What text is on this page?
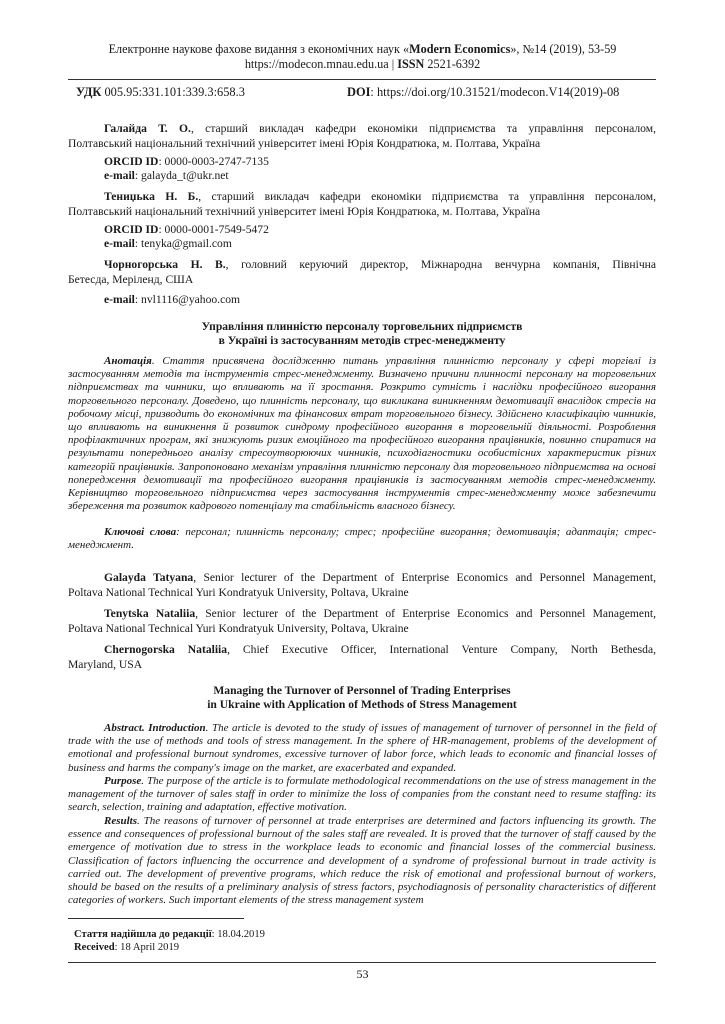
Електронне наукове фахове видання з економічних наук «Modern Economics», №14 (2019), 53-59
https://modecon.mnau.edu.ua | ISSN 2521-6392
УДК 005.95:331.101:339.3:658.3	DOI: https://doi.org/10.31521/modecon.V14(2019)-08
Галайда Т. О., старший викладач кафедри економіки підприємства та управління персоналом,
Полтавський національний технічний університет імені Юрія Кондратюка, м. Полтава, Україна
ORCID ID: 0000-0003-2747-7135
e-mail: galayda_t@ukr.net
Тениџька Н. Б., старший викладач кафедри економіки підприємства та управління персоналом,
Полтавський національний технічний університет імені Юрія Кондратюка, м. Полтава, Україна
ORCID ID: 0000-0001-7549-5472
e-mail: tenyka@gmail.com
Чорногорська Н. В., головний керуючий директор, Міжнародна венчурна компанія, Північна
Бетесда, Меріленд, США
e-mail: nvl1116@yahoo.com
Управління плинністю персоналу торговельних підприємств
в Україні із застосуванням методів стрес-менеджменту
Анотація. Стаття присвячена дослідженню питань управління плинністю персоналу у сфері торгівлі із застосуванням методів та інструментів стрес-менеджменту. Визначено причини плинності персоналу на торговельних підприємствах та чинники, що впливають на її зростання. Розкрито сутність і наслідки професійного вигорання торговельного персоналу. Доведено, що плинність персоналу, що викликана виникненням демотивації внаслідок стресів на робочому місці, призводить до економічних та фінансових втрат торговельного бізнесу. Здійснено класифікацію чинників, що впливають на виникнення й розвиток синдрому професійного вигорання в торговельній діяльності. Розроблення профілактичних програм, які знижують ризик емоційного та професійного вигорання працівників, повинно спиратися на результати попереднього аналізу стресоутворюючих чинників, психодіагностики особистісних характеристик різних категорій працівників. Запропоновано механізм управління плинністю персоналу для торговельного підприємства на основі попередження демотивації та професійного вигорання працівників із застосуванням методів стрес-менеджменту. Керівництво торговельного підприємства через застосування інструментів стрес-менеджменту може забезпечити збереження та розвиток кадрового потенціалу та стабільність власного бізнесу.
Ключові слова: персонал; плинність персоналу; стрес; професійне вигорання; демотивація; адаптація; стрес-менеджмент.
Galayda Tatyana, Senior lecturer of the Department of Enterprise Economics and Personnel Management,
Poltava National Technical Yuri Kondratyuk University, Poltava, Ukraine
Tenytska Nataliia, Senior lecturer of the Department of Enterprise Economics and Personnel Management,
Poltava National Technical Yuri Kondratyuk University, Poltava, Ukraine
Chernogorska Nataliia, Chief Executive Officer, International Venture Company, North Bethesda,
Maryland, USA
Managing the Turnover of Personnel of Trading Enterprises
in Ukraine with Application of Methods of Stress Management
Abstract. Introduction. The article is devoted to the study of issues of management of turnover of personnel in the field of trade with the use of methods and tools of stress management. In the sphere of HR-management, problems of the development of emotional and professional burnout syndromes, excessive turnover of labor force, which leads to economic and financial losses of business and harms the company's image on the market, are exacerbated and expanded.
Purpose. The purpose of the article is to formulate methodological recommendations on the use of stress management in the management of the turnover of sales staff in order to minimize the loss of companies from the constant need to resume staffing: its search, selection, training and adaptation, effective motivation.
Results. The reasons of turnover of personnel at trade enterprises are determined and factors influencing its growth. The essence and consequences of professional burnout of the sales staff are revealed. It is proved that the turnover of staff caused by the emergence of motivation due to stress in the workplace leads to economic and financial losses of the commercial business. Classification of factors influencing the occurrence and development of a syndrome of professional burnout in trade activity is carried out. The development of preventive programs, which reduce the risk of emotional and professional burnout of workers, should be based on the results of a preliminary analysis of stress factors, psychodiagnosis of personality characteristics of different categories of workers. Such important elements of the stress management system
Стаття надійшла до редакції: 18.04.2019
Received: 18 April 2019
53
